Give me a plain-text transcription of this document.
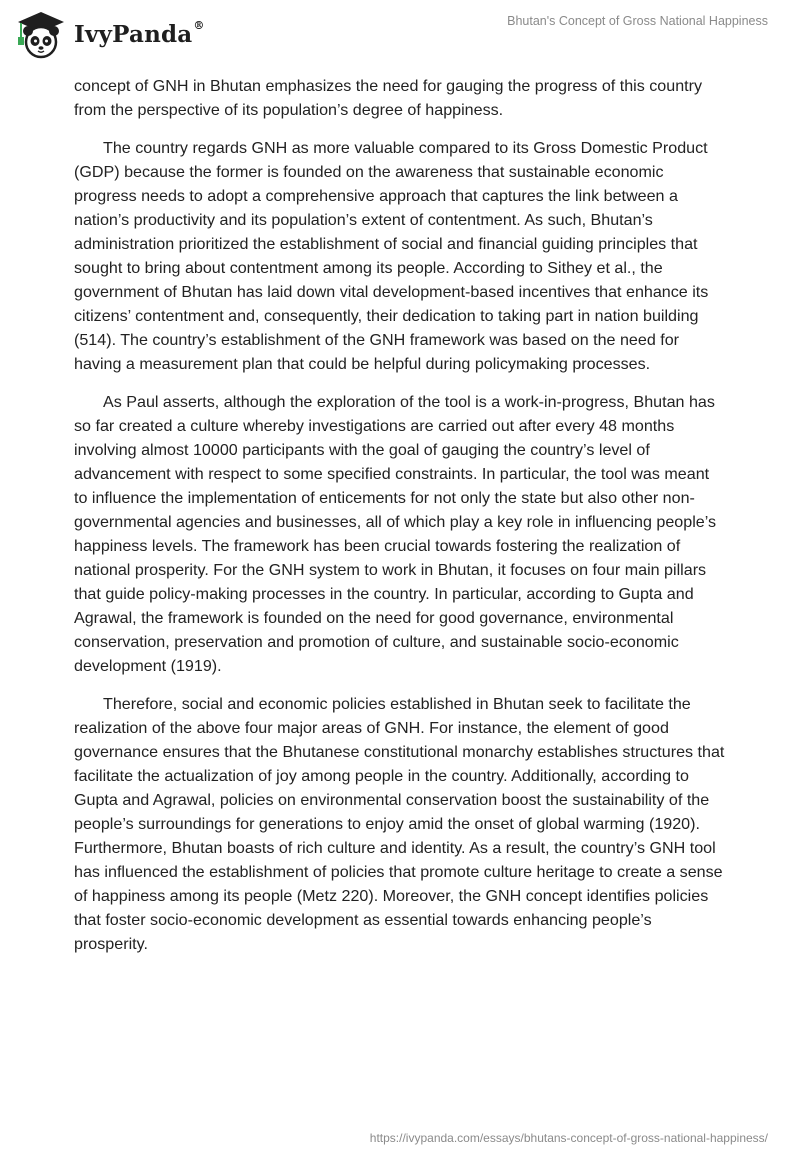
IvyPanda®	Bhutan's Concept of Gross National Happiness

concept of GNH in Bhutan emphasizes the need for gauging the progress of this country from the perspective of its population’s degree of happiness.

The country regards GNH as more valuable compared to its Gross Domestic Product (GDP) because the former is founded on the awareness that sustainable economic progress needs to adopt a comprehensive approach that captures the link between a nation’s productivity and its population’s extent of contentment. As such, Bhutan’s administration prioritized the establishment of social and financial guiding principles that sought to bring about contentment among its people. According to Sithey et al., the government of Bhutan has laid down vital development-based incentives that enhance its citizens’ contentment and, consequently, their dedication to taking part in nation building (514). The country’s establishment of the GNH framework was based on the need for having a measurement plan that could be helpful during policymaking processes.

As Paul asserts, although the exploration of the tool is a work-in-progress, Bhutan has so far created a culture whereby investigations are carried out after every 48 months involving almost 10000 participants with the goal of gauging the country’s level of advancement with respect to some specified constraints. In particular, the tool was meant to influence the implementation of enticements for not only the state but also other non-governmental agencies and businesses, all of which play a key role in influencing people’s happiness levels. The framework has been crucial towards fostering the realization of national prosperity. For the GNH system to work in Bhutan, it focuses on four main pillars that guide policy-making processes in the country. In particular, according to Gupta and Agrawal, the framework is founded on the need for good governance, environmental conservation, preservation and promotion of culture, and sustainable socio-economic development (1919).

Therefore, social and economic policies established in Bhutan seek to facilitate the realization of the above four major areas of GNH. For instance, the element of good governance ensures that the Bhutanese constitutional monarchy establishes structures that facilitate the actualization of joy among people in the country. Additionally, according to Gupta and Agrawal, policies on environmental conservation boost the sustainability of the people’s surroundings for generations to enjoy amid the onset of global warming (1920). Furthermore, Bhutan boasts of rich culture and identity. As a result, the country’s GNH tool has influenced the establishment of policies that promote culture heritage to create a sense of happiness among its people (Metz 220). Moreover, the GNH concept identifies policies that foster socio-economic development as essential towards enhancing people’s prosperity.

https://ivypanda.com/essays/bhutans-concept-of-gross-national-happiness/
